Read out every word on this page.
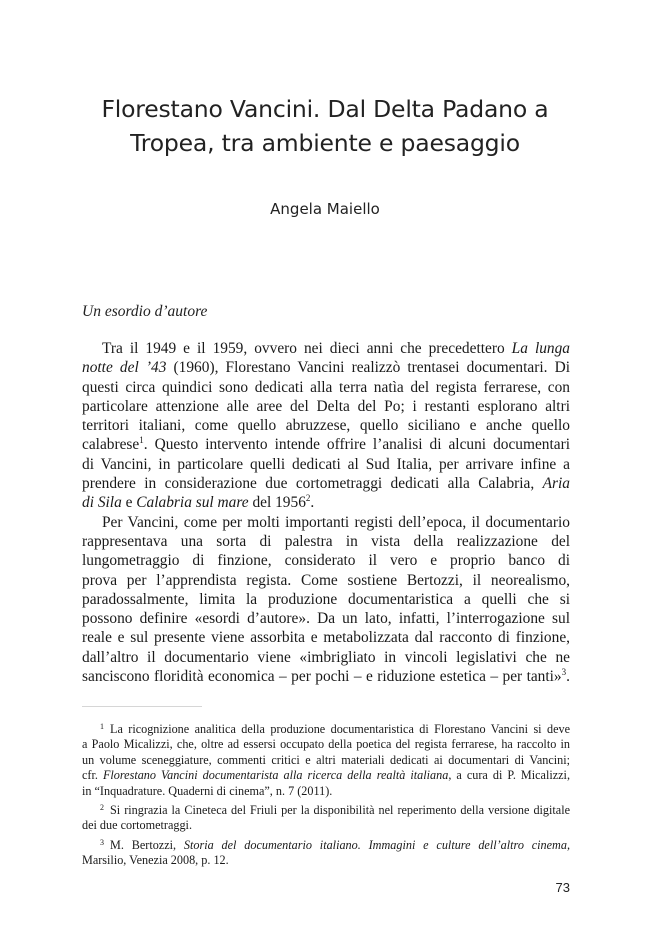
Florestano Vancini. Dal Delta Padano a
Tropea, tra ambiente e paesaggio
Angela Maiello
Un esordio d’autore

Tra il 1949 e il 1959, ovvero nei dieci anni che precedettero La lunga
notte del ’43 (1960), Florestano Vancini realizzò trentasei documentari. Di
questi circa quindici sono dedicati alla terra natìa del regista ferrarese, con
particolare attenzione alle aree del Delta del Po; i restanti esplorano altri
territori italiani, come quello abruzzese, quello siciliano e anche quello
calabrese$^1$. Questo intervento intende offrire l’analisi di alcuni documentari
di Vancini, in particolare quelli dedicati al Sud Italia, per arrivare infine a
prendere in considerazione due cortometraggi dedicati alla Calabria, Aria
di Sila e Calabria sul mare del 1956$^2$.

Per Vancini, come per molti importanti registi dell’epoca, il documentario
rappresentava una sorta di palestra in vista della realizzazione del
lungometraggio di finzione, considerato il vero e proprio banco di
prova per l’apprendista regista. Come sostiene Bertozzi, il neorealismo,
paradossalmente, limita la produzione documentaristica a quelli che si
possono definire «esordi d’autore». Da un lato, infatti, l’interrogazione sul
reale e sul presente viene assorbita e metabolizzata dal racconto di finzione,
dall’altro il documentario viene «imbrigliato in vincoli legislativi che ne
sanciscono floridità economica – per pochi – e riduzione estetica – per tanti»$^3$.

$^1$ La ricognizione analitica della produzione documentaristica di Florestano Vancini si deve
a Paolo Micalizzi, che, oltre ad essersi occupato della poetica del regista ferrarese, ha raccolto in
un volume sceneggiature, commenti critici e altri materiali dedicati ai documentari di Vancini;
cfr. Florestano Vancini documentarista alla ricerca della realtà italiana, a cura di P. Micalizzi,
in “Inquadrature. Quaderni di cinema”, n. 7 (2011).

$^2$ Si ringrazia la Cineteca del Friuli per la disponibilità nel reperimento della versione digitale
dei due cortometraggi.

$^3$ M. Bertozzi, Storia del documentario italiano. Immagini e culture dell’altro cinema,
Marsilio, Venezia 2008, p. 12.

73
